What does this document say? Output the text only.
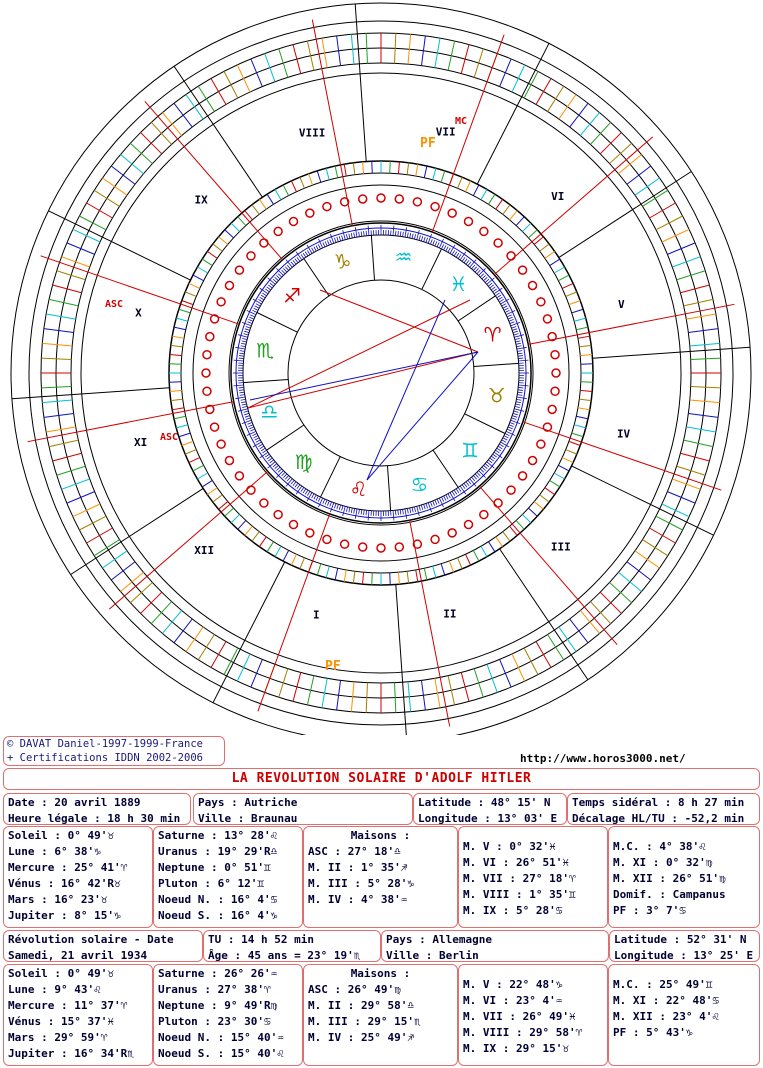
♎
♍
♌ ♋
♊
♉
♈
♓
♒
♑
♐
♏
XI
XII
I	II
III
IV
V
VI
VII
VIII
IX
X
ASC
ASC
MC
PF
PF
© DAVAT Daniel-1997-1999-France
+ Certifications IDDN 2002-2006	http://www.horos3000.net/
LA REVOLUTION SOLAIRE D'ADOLF HITLER
Date : 20 avril 1889
Heure légale : 18 h 30 min
Pays : Autriche
Ville : Braunau
Latitude : 48° 15' N
Longitude : 13° 03' E
Temps sidéral : 8 h 27 min
Décalage HL/TU : -52,2 min
Soleil : 0° 49'♉
Lune : 6° 38'♑
Mercure : 25° 41'♈
Vénus : 16° 42'R♉
Mars : 16° 23'♉
Jupiter : 8° 15'♑
Saturne : 13° 28'♌
Uranus : 19° 29'R♎
Neptune : 0° 51'♊
Pluton : 6° 12'♊
Noeud N. : 16° 4'♋
Noeud S. : 16° 4'♑
Maisons :
ASC : 27° 18'♎
M. II : 1° 35'♐
M. III : 5° 28'♑
M. IV : 4° 38'♒
M. V : 0° 32'♓
M. VI : 26° 51'♓
M. VII : 27° 18'♈
M. VIII : 1° 35'♊
M. IX : 5° 28'♋
M.C. : 4° 38'♌
M. XI : 0° 32'♍
M. XII : 26° 51'♍
Domif. : Campanus
PF : 3° 7'♋
Révolution solaire - Date
Samedi, 21 avril 1934
TU : 14 h 52 min
Âge : 45 ans = 23° 19'♏
Pays : Allemagne
Ville : Berlin
Latitude : 52° 31' N
Longitude : 13° 25' E
Soleil : 0° 49'♉
Lune : 9° 43'♌
Mercure : 11° 37'♈
Vénus : 15° 37'♓
Mars : 29° 59'♈
Jupiter : 16° 34'R♏
Saturne : 26° 26'♒
Uranus : 27° 38'♈
Neptune : 9° 49'R♍
Pluton : 23° 30'♋
Noeud N. : 15° 40'♒
Noeud S. : 15° 40'♌
Maisons :
ASC : 26° 49'♍
M. II : 29° 58'♎
M. III : 29° 15'♏
M. IV : 25° 49'♐
M. V : 22° 48'♑
M. VI : 23° 4'♒
M. VII : 26° 49'♓
M. VIII : 29° 58'♈
M. IX : 29° 15'♉
M.C. : 25° 49'♊
M. XI : 22° 48'♋
M. XII : 23° 4'♌
PF : 5° 43'♑
